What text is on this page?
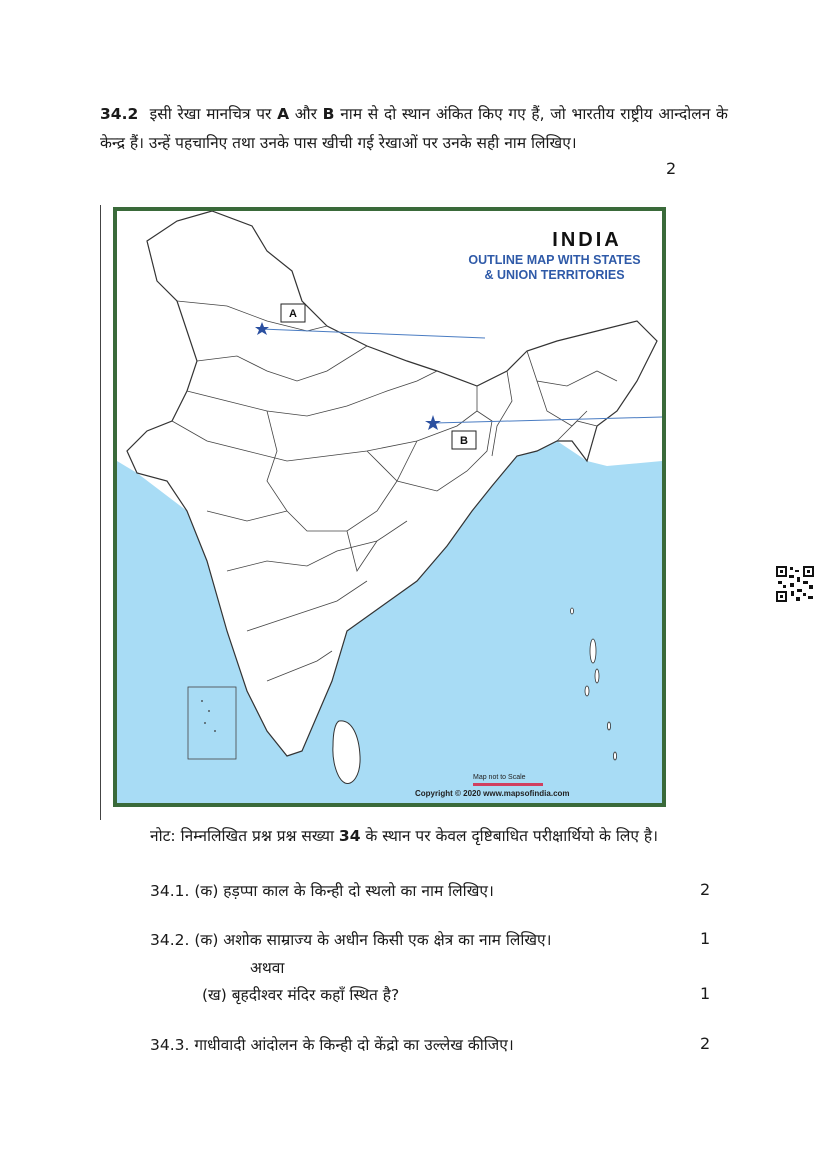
34.2 इसी रेखा मानचित्र पर A और B नाम से दो स्थान अंकित किए गए हैं, जो भारतीय राष्ट्रीय आन्दोलन के केन्द्र हैं। उन्हें पहचानिए तथा उनके पास खीची गई रेखाओं पर उनके सही नाम लिखिए।
2
A
B
INDIA
OUTLINE MAP WITH STATES
& UNION TERRITORIES
Map not to Scale
Copyright © 2020 www.mapsofindia.com
नोट: निम्नलिखित प्रश्न प्रश्न सख्या 34 के स्थान पर केवल दृष्टिबाधित परीक्षार्थियो के लिए है।
34.1. (क) हड़प्पा काल के किन्ही दो स्थलो का नाम लिखिए।	2
34.2. (क) अशोक साम्राज्य के अधीन किसी एक क्षेत्र का नाम लिखिए।	1
अथवा
(ख) बृहदीश्‍वर मंदिर कहाँ स्थित है?	1
34.3. गाधीवादी आंदोलन के किन्ही दो केंद्रो का उल्लेख कीजिए।	2
